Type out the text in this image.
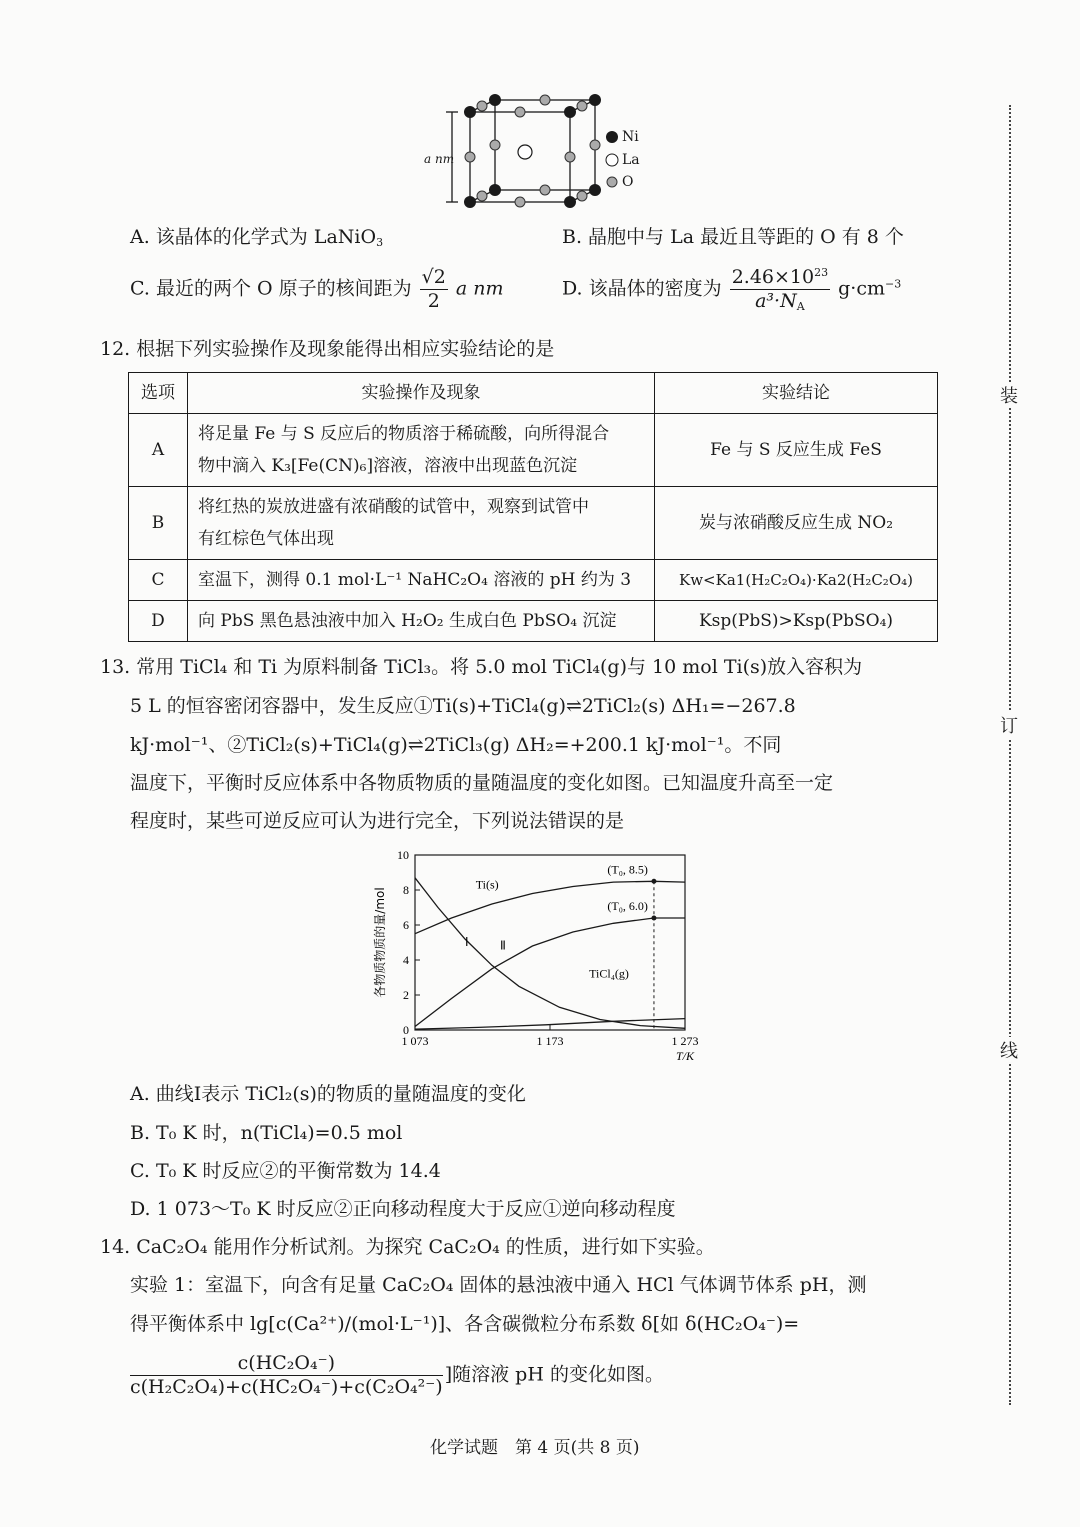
装
订
线
a nm
Ni
La
O
A. 该晶体的化学式为 LaNiO$_3$	B. 晶胞中与 La 最近且等距的 O 有 8 个
C. 最近的两个 O 原子的核间距为 $\frac{√2}{2}$ a nm	D. 该晶体的密度为 $\frac{2.46\times 10^{23}}{a^3\cdot N_A} g\cdot cm^{-3}$
12. 根据下列实验操作及现象能得出相应实验结论的是
选项	实验操作及现象	实验结论
A	将足量 Fe 与 S 反应后的物质溶于稀硫酸，向所得混合
物中滴入 K₃[Fe(CN)₆]溶液，溶液中出现蓝色沉淀	Fe 与 S 反应生成 FeS
B	将红热的炭放进盛有浓硝酸的试管中，观察到试管中
有红棕色气体出现	炭与浓硝酸反应生成 NO₂
C	室温下，测得 0.1 mol·L⁻¹ NaHC₂O₄ 溶液的 pH 约为 3	Kw<Ka1(H₂C₂O₄)·Ka2(H₂C₂O₄)
D	向 PbS 黑色悬浊液中加入 H₂O₂ 生成白色 PbSO₄ 沉淀	Ksp(PbS)>Ksp(PbSO₄)
13. 常用 TiCl₄ 和 Ti 为原料制备 TiCl₃。将 5.0 mol TiCl₄(g)与 10 mol Ti(s)放入容积为
5 L 的恒容密闭容器中，发生反应①Ti(s)+TiCl₄(g)⇌2TiCl₂(s) ΔH₁=−267.8
kJ·mol⁻¹、②TiCl₂(s)+TiCl₄(g)⇌2TiCl₃(g) ΔH₂=+200.1 kJ·mol⁻¹。不同
温度下，平衡时反应体系中各物质物质的量随温度的变化如图。已知温度升高至一定
程度时，某些可逆反应可认为进行完全，下列说法错误的是
0
2
4
6
8
10
1 073	1 173	1 273
T/K
各物质物质的量/mol
Ti(s)
Ⅰ	Ⅱ
TiCl₄(g)
(T₀, 8.5)
(T₀, 6.0)
A. 曲线Ⅰ表示 TiCl₂(s)的物质的量随温度的变化
B. T₀ K 时，n(TiCl₄)=0.5 mol
C. T₀ K 时反应②的平衡常数为 14.4
D. 1 073～T₀ K 时反应②正向移动程度大于反应①逆向移动程度
14. CaC₂O₄ 能用作分析试剂。为探究 CaC₂O₄ 的性质，进行如下实验。
实验 1：室温下，向含有足量 CaC₂O₄ 固体的悬浊液中通入 HCl 气体调节体系 pH，测
得平衡体系中 lg[c(Ca²⁺)/(mol·L⁻¹)]、各含碳微粒分布系数 δ[如 δ(HC₂O₄⁻)=
$\frac{\text{c(HC₂O₄⁻)}}{\text{c(H₂C₂O₄)+c(HC₂O₄⁻)+c(C₂O₄²⁻)}}$ ]随溶液 pH 的变化如图。
化学试题　第 4 页(共 8 页)
